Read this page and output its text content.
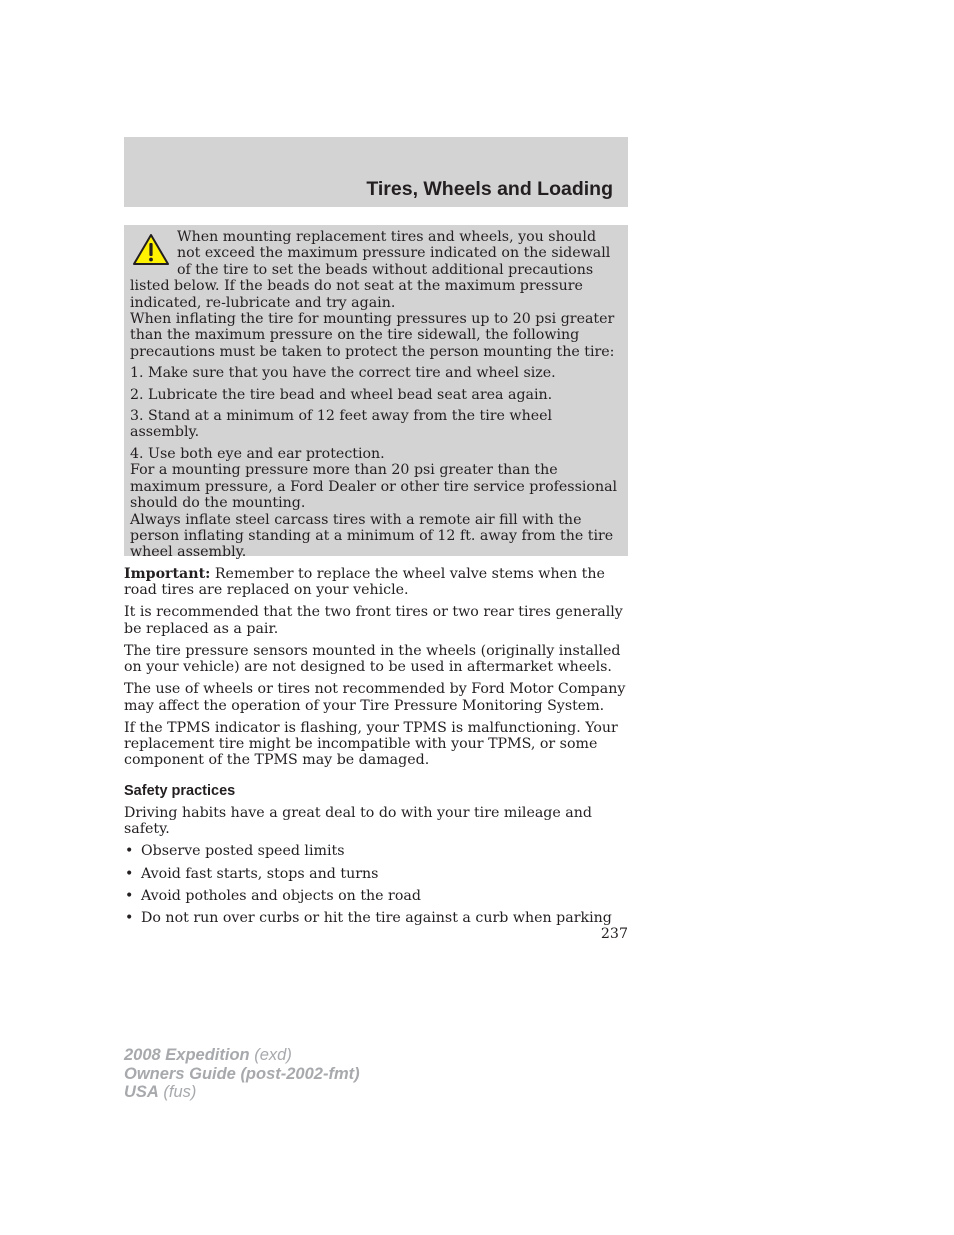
Tires, Wheels and Loading

When mounting replacement tires and wheels, you should not exceed the maximum pressure indicated on the sidewall of the tire to set the beads without additional precautions listed below. If the beads do not seat at the maximum pressure indicated, re-lubricate and try again.

When inflating the tire for mounting pressures up to 20 psi greater than the maximum pressure on the tire sidewall, the following precautions must be taken to protect the person mounting the tire:

1. Make sure that you have the correct tire and wheel size.

2. Lubricate the tire bead and wheel bead seat area again.

3. Stand at a minimum of 12 feet away from the tire wheel assembly.

4. Use both eye and ear protection.

For a mounting pressure more than 20 psi greater than the maximum pressure, a Ford Dealer or other tire service professional should do the mounting.

Always inflate steel carcass tires with a remote air fill with the person inflating standing at a minimum of 12 ft. away from the tire wheel assembly.

Important: Remember to replace the wheel valve stems when the road tires are replaced on your vehicle.

It is recommended that the two front tires or two rear tires generally be replaced as a pair.

The tire pressure sensors mounted in the wheels (originally installed on your vehicle) are not designed to be used in aftermarket wheels.

The use of wheels or tires not recommended by Ford Motor Company may affect the operation of your Tire Pressure Monitoring System.

If the TPMS indicator is flashing, your TPMS is malfunctioning. Your replacement tire might be incompatible with your TPMS, or some component of the TPMS may be damaged.

Safety practices

Driving habits have a great deal to do with your tire mileage and safety.

• Observe posted speed limits
• Avoid fast starts, stops and turns
• Avoid potholes and objects on the road
• Do not run over curbs or hit the tire against a curb when parking
237
2008 Expedition (exd)
Owners Guide (post-2002-fmt)
USA (fus)
